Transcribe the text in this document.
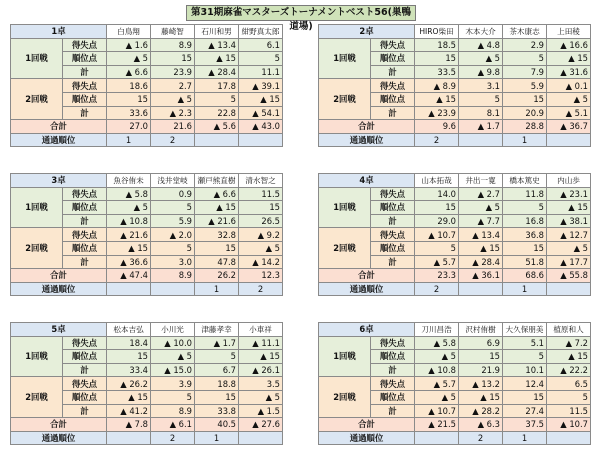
第31期麻雀マスターズトーナメントベスト56(巣鴨道場)
1卓		白鳥翔	藤崎智	石川和男	紺野真太郎
1回戦	得失点	▲ 1.6	8.9	▲ 13.4	6.1
	順位点	▲ 5	15	▲ 15	5
	計	▲ 6.6	23.9	▲ 28.4	11.1
2回戦	得失点	18.6	2.7	17.8	▲ 39.1
	順位点	15	▲ 5	5	▲ 15
	計	33.6	▲ 2.3	22.8	▲ 54.1
合計		27.0	21.6	▲ 5.6	▲ 43.0
通過順位		1	2		
2卓		HIRO柴田	木本大介	茶木康志	上田稜
1回戦	得失点	18.5	▲ 4.8	2.9	▲ 16.6
	順位点	15	▲ 5	5	▲ 15
	計	33.5	▲ 9.8	7.9	▲ 31.6
2回戦	得失点	▲ 8.9	3.1	5.9	▲ 0.1
	順位点	▲ 15	5	15	▲ 5
	計	▲ 23.9	8.1	20.9	▲ 5.1
合計		9.6	▲ 1.7	28.8	▲ 36.7
通過順位		2		1	
3卓		魚谷侑未	浅井堂岐	瀬戸熊直樹	清水智之
1回戦	得失点	▲ 5.8	0.9	▲ 6.6	11.5
	順位点	▲ 5	5	▲ 15	15
	計	▲ 10.8	5.9	▲ 21.6	26.5
2回戦	得失点	▲ 21.6	▲ 2.0	32.8	▲ 9.2
	順位点	▲ 15	5	15	▲ 5
	計	▲ 36.6	3.0	47.8	▲ 14.2
合計		▲ 47.4	8.9	26.2	12.3
通過順位				1	2
4卓		山本拓哉	井出一寛	橋本篤史	内山歩
1回戦	得失点	14.0	▲ 2.7	11.8	▲ 23.1
	順位点	15	▲ 5	5	▲ 15
	計	29.0	▲ 7.7	16.8	▲ 38.1
2回戦	得失点	▲ 10.7	▲ 13.4	36.8	▲ 12.7
	順位点	5	▲ 15	15	▲ 5
	計	▲ 5.7	▲ 28.4	51.8	▲ 17.7
合計		23.3	▲ 36.1	68.6	▲ 55.8
通過順位		2		1	
5卓		松本吉弘	小川光	津藤孝幸	小車祥
1回戦	得失点	18.4	▲ 10.0	▲ 1.7	▲ 11.1
	順位点	15	▲ 5	5	▲ 15
	計	33.4	▲ 15.0	6.7	▲ 26.1
2回戦	得失点	▲ 26.2	3.9	18.8	3.5
	順位点	▲ 15	5	15	▲ 5
	計	▲ 41.2	8.9	33.8	▲ 1.5
合計		▲ 7.8	▲ 6.1	40.5	▲ 27.6
通過順位			2	1	
6卓		刀川昌浩	沢村侑樹	大久保朋美	植原和人
1回戦	得失点	▲ 5.8	6.9	5.1	▲ 7.2
	順位点	▲ 5	15	5	▲ 15
	計	▲ 10.8	21.9	10.1	▲ 22.2
2回戦	得失点	▲ 5.7	▲ 13.2	12.4	6.5
	順位点	▲ 5	▲ 15	15	5
	計	▲ 10.7	▲ 28.2	27.4	11.5
合計		▲ 21.5	▲ 6.3	37.5	▲ 10.7
通過順位			2	1	
